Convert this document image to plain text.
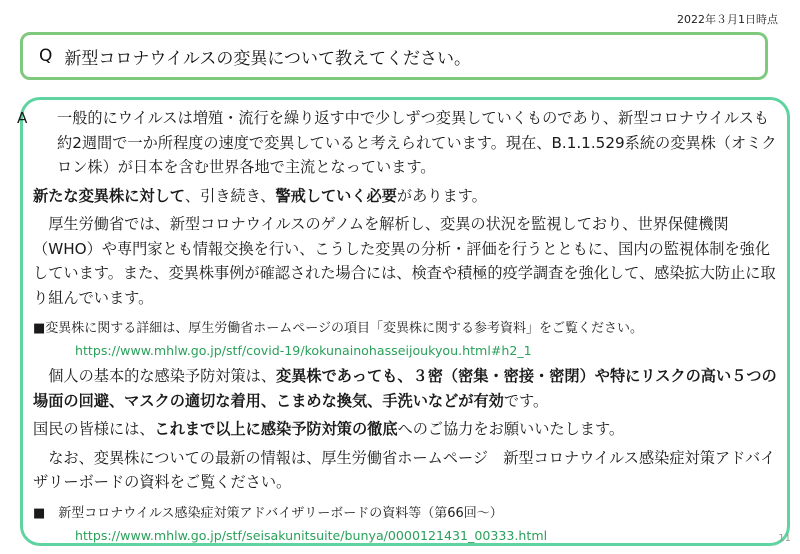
2022年３月1日時点
Q 新型コロナウイルスの変異について教えてください。

A 一般的にウイルスは増殖・流行を繰り返す中で少しずつ変異していくものであり、新型コロナウイルスも約2週間で一か所程度の速度で変異していると考えられています。現在、B.1.1.529系統の変異株（オミクロン株）が日本を含む世界各地で主流となっています。

新たな変異株に対して、引き続き、警戒していく必要があります。

厚生労働省では、新型コロナウイルスのゲノムを解析し、変異の状況を監視しており、世界保健機関（WHO）や専門家とも情報交換を行い、こうした変異の分析・評価を行うとともに、国内の監視体制を強化しています。また、変異株事例が確認された場合には、検査や積極的疫学調査を強化して、感染拡大防止に取り組んでいます。

■変異株に関する詳細は、厚生労働省ホームページの項目「変異株に関する参考資料」をご覧ください。

https://www.mhlw.go.jp/stf/covid-19/kokunainohasseijoukyou.html#h2_1

個人の基本的な感染予防対策は、変異株であっても、３密（密集・密接・密閉）や特にリスクの高い５つの場面の回避、マスクの適切な着用、こまめな換気、手洗いなどが有効です。

国民の皆様には、これまで以上に感染予防対策の徹底へのご協力をお願いいたします。

なお、変異株についての最新の情報は、厚生労働省ホームページ　新型コロナウイルス感染症対策アドバイザリーボードの資料をご覧ください。

■　新型コロナウイルス感染症対策アドバイザリーボードの資料等（第66回～）

https://www.mhlw.go.jp/stf/seisakunitsuite/bunya/0000121431_00333.html	11
